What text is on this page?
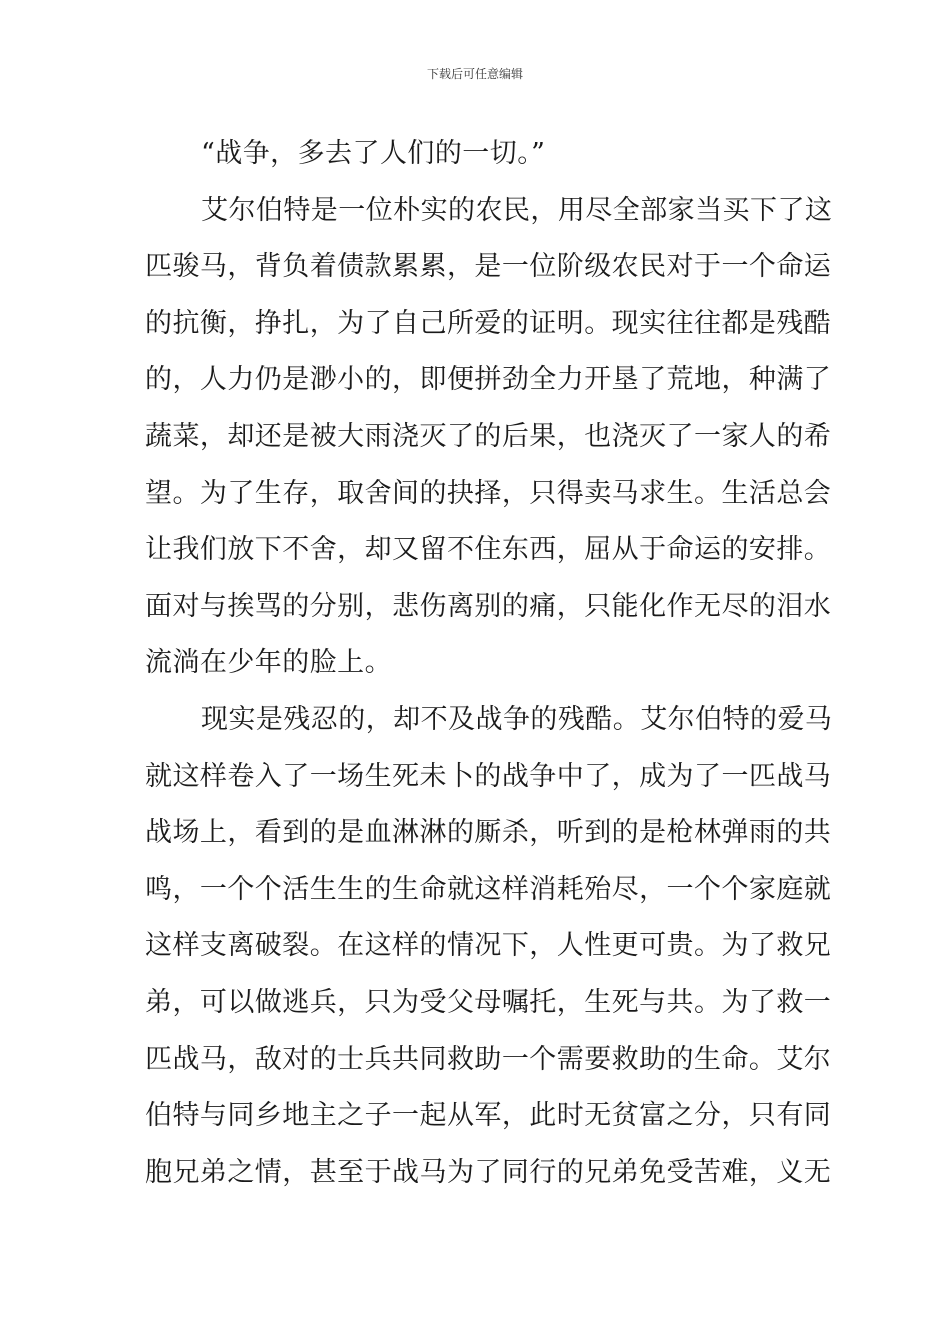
下载后可任意编辑
“战争，多去了人们的一切。”
艾尔伯特是一位朴实的农民，用尽全部家当买下了这
匹骏马，背负着债款累累，是一位阶级农民对于一个命运
的抗衡，挣扎，为了自己所爱的证明。现实往往都是残酷
的，人力仍是渺小的，即便拼劲全力开垦了荒地，种满了
蔬菜，却还是被大雨浇灭了的后果，也浇灭了一家人的希
望。为了生存，取舍间的抉择，只得卖马求生。生活总会
让我们放下不舍，却又留不住东西，屈从于命运的安排。
面对与挨骂的分别，悲伤离别的痛，只能化作无尽的泪水
流淌在少年的脸上。
现实是残忍的，却不及战争的残酷。艾尔伯特的爱马
就这样卷入了一场生死未卜的战争中了，成为了一匹战马
战场上，看到的是血淋淋的厮杀，听到的是枪林弹雨的共
鸣，一个个活生生的生命就这样消耗殆尽，一个个家庭就
这样支离破裂。在这样的情况下，人性更可贵。为了救兄
弟，可以做逃兵，只为受父母嘱托，生死与共。为了救一
匹战马，敌对的士兵共同救助一个需要救助的生命。艾尔
伯特与同乡地主之子一起从军，此时无贫富之分，只有同
胞兄弟之情，甚至于战马为了同行的兄弟免受苦难，义无
